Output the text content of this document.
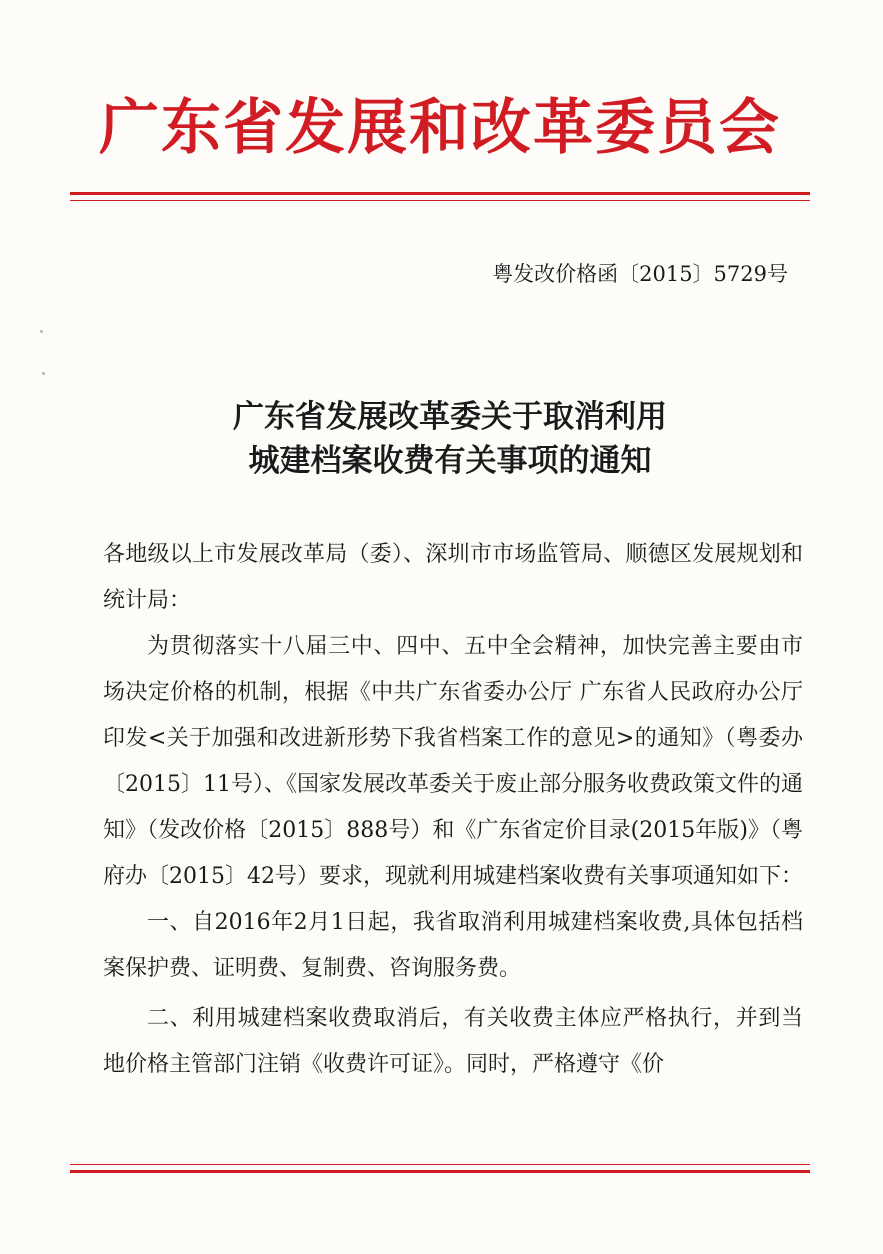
广东省发展和改革委员会
粤发改价格函〔2015〕5729号
广东省发展改革委关于取消利用
城建档案收费有关事项的通知

各地级以上市发展改革局（委）、深圳市市场监管局、顺德区发展规划和统计局：

为贯彻落实十八届三中、四中、五中全会精神，加快完善主要由市场决定价格的机制，根据《中共广东省委办公厅 广东省人民政府办公厅印发<关于加强和改进新形势下我省档案工作的意见>的通知》（粤委办〔2015〕11号）、《国家发展改革委关于废止部分服务收费政策文件的通知》（发改价格〔2015〕888号）和《广东省定价目录(2015年版)》（粤府办〔2015〕42号）要求，现就利用城建档案收费有关事项通知如下：

一、自2016年2月1日起，我省取消利用城建档案收费,具体包括档案保护费、证明费、复制费、咨询服务费。

二、利用城建档案收费取消后，有关收费主体应严格执行，并到当地价格主管部门注销《收费许可证》。同时，严格遵守《价
